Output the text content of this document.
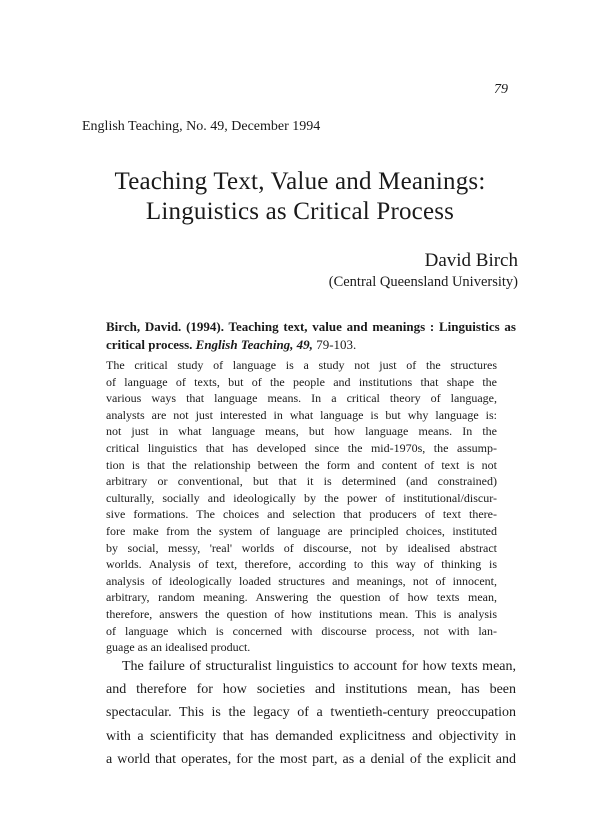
79
English Teaching, No. 49, December 1994
Teaching Text, Value and Meanings:
Linguistics as Critical Process
David Birch
(Central Queensland University)
Birch, David. (1994). Teaching text, value and meanings : Linguistics as critical process. English Teaching, 49, 79-103.
The critical study of language is a study not just of the structures
of language of texts, but of the people and institutions that shape the
various ways that language means. In a critical theory of language,
analysts are not just interested in what language is but why language is:
not just in what language means, but how language means. In the
critical linguistics that has developed since the mid-1970s, the assump-
tion is that the relationship between the form and content of text is not
arbitrary or conventional, but that it is determined (and constrained)
culturally, socially and ideologically by the power of institutional/discur-
sive formations. The choices and selection that producers of text there-
fore make from the system of language are principled choices, instituted
by social, messy, 'real' worlds of discourse, not by idealised abstract
worlds. Analysis of text, therefore, according to this way of thinking is
analysis of ideologically loaded structures and meanings, not of innocent,
arbitrary, random meaning. Answering the question of how texts mean,
therefore, answers the question of how institutions mean. This is analysis
of language which is concerned with discourse process, not with lan-
guage as an idealised product.
The failure of structuralist linguistics to account for how texts mean,
and therefore for how societies and institutions mean, has been
spectacular. This is the legacy of a twentieth-century preoccupation
with a scientificity that has demanded explicitness and objectivity in
a world that operates, for the most part, as a denial of the explicit and
